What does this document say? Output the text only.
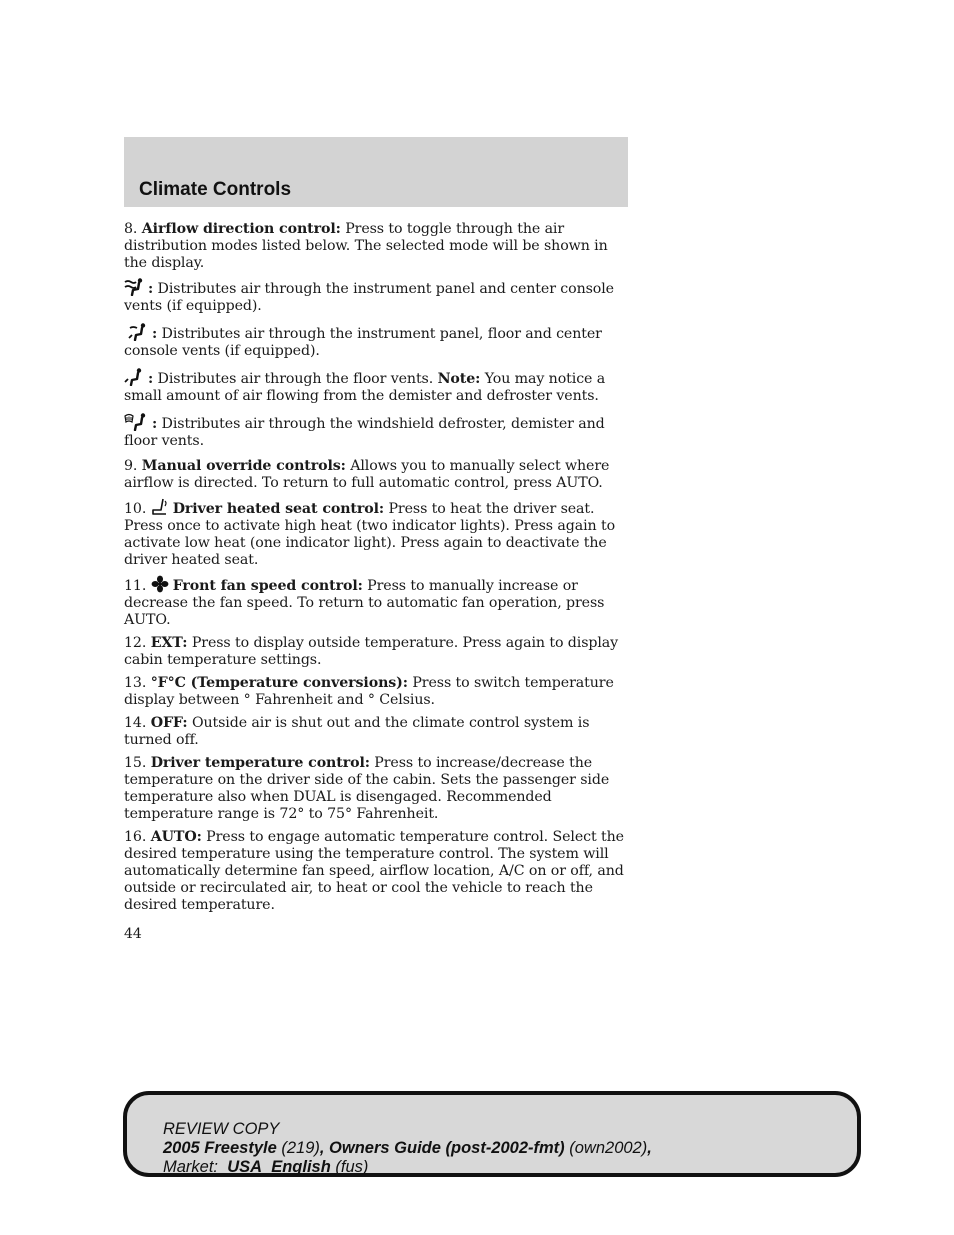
Climate Controls

8. Airflow direction control: Press to toggle through the air distribution modes listed below. The selected mode will be shown in the display.

: Distributes air through the instrument panel and center console vents (if equipped).

: Distributes air through the instrument panel, floor and center console vents (if equipped).

: Distributes air through the floor vents. Note: You may notice a small amount of air flowing from the demister and defroster vents.

: Distributes air through the windshield defroster, demister and floor vents.

9. Manual override controls: Allows you to manually select where airflow is directed. To return to full automatic control, press AUTO.

10. Driver heated seat control: Press to heat the driver seat. Press once to activate high heat (two indicator lights). Press again to activate low heat (one indicator light). Press again to deactivate the driver heated seat.

11. Front fan speed control: Press to manually increase or decrease the fan speed. To return to automatic fan operation, press AUTO.

12. EXT: Press to display outside temperature. Press again to display cabin temperature settings.

13. °F°C (Temperature conversions): Press to switch temperature display between ° Fahrenheit and ° Celsius.

14. OFF: Outside air is shut out and the climate control system is turned off.

15. Driver temperature control: Press to increase/decrease the temperature on the driver side of the cabin. Sets the passenger side temperature also when DUAL is disengaged. Recommended temperature range is 72° to 75° Fahrenheit.

16. AUTO: Press to engage automatic temperature control. Select the desired temperature using the temperature control. The system will automatically determine fan speed, airflow location, A/C on or off, and outside or recirculated air, to heat or cool the vehicle to reach the desired temperature.

44

REVIEW COPY
2005 Freestyle (219), Owners Guide (post-2002-fmt) (own2002),
Market:  USA_English (fus)
